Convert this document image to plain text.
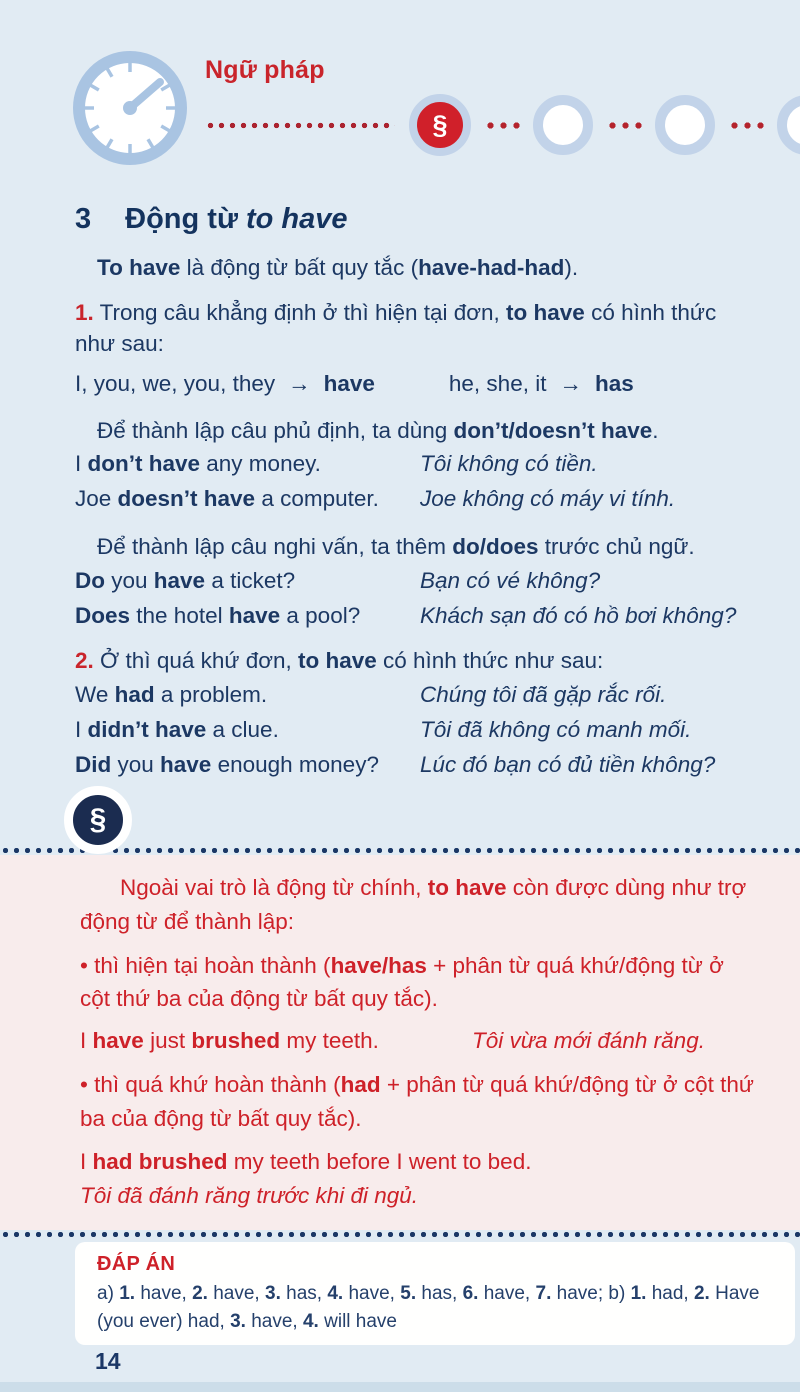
Ngữ pháp
§
3 Động từ to have

To have là động từ bất quy tắc (have-had-had).

1. Trong câu khẳng định ở thì hiện tại đơn, to have có hình thức như sau:

I, you, we, you, they → have	he, she, it → has

Để thành lập câu phủ định, ta dùng don’t/doesn’t have.

I don’t have any money.	Tôi không có tiền.
Joe doesn’t have a computer.	Joe không có máy vi tính.

Để thành lập câu nghi vấn, ta thêm do/does trước chủ ngữ.

Do you have a ticket?	Bạn có vé không?
Does the hotel have a pool?	Khách sạn đó có hồ bơi không?

2. Ở thì quá khứ đơn, to have có hình thức như sau:

We had a problem.	Chúng tôi đã gặp rắc rối.
I didn’t have a clue.	Tôi đã không có manh mối.
Did you have enough money?	Lúc đó bạn có đủ tiền không?
§

Ngoài vai trò là động từ chính, to have còn được dùng như trợ động từ để thành lập:

• thì hiện tại hoàn thành (have/has + phân từ quá khứ/động từ ở cột thứ ba của động từ bất quy tắc).

I have just brushed my teeth.	Tôi vừa mới đánh răng.

• thì quá khứ hoàn thành (had + phân từ quá khứ/động từ ở cột thứ ba của động từ bất quy tắc).

I had brushed my teeth before I went to bed.

Tôi đã đánh răng trước khi đi ngủ.

ĐÁP ÁN
a) 1. have, 2. have, 3. has, 4. have, 5. has, 6. have, 7. have; b) 1. had, 2. Have (you ever) had, 3. have, 4. will have
14
